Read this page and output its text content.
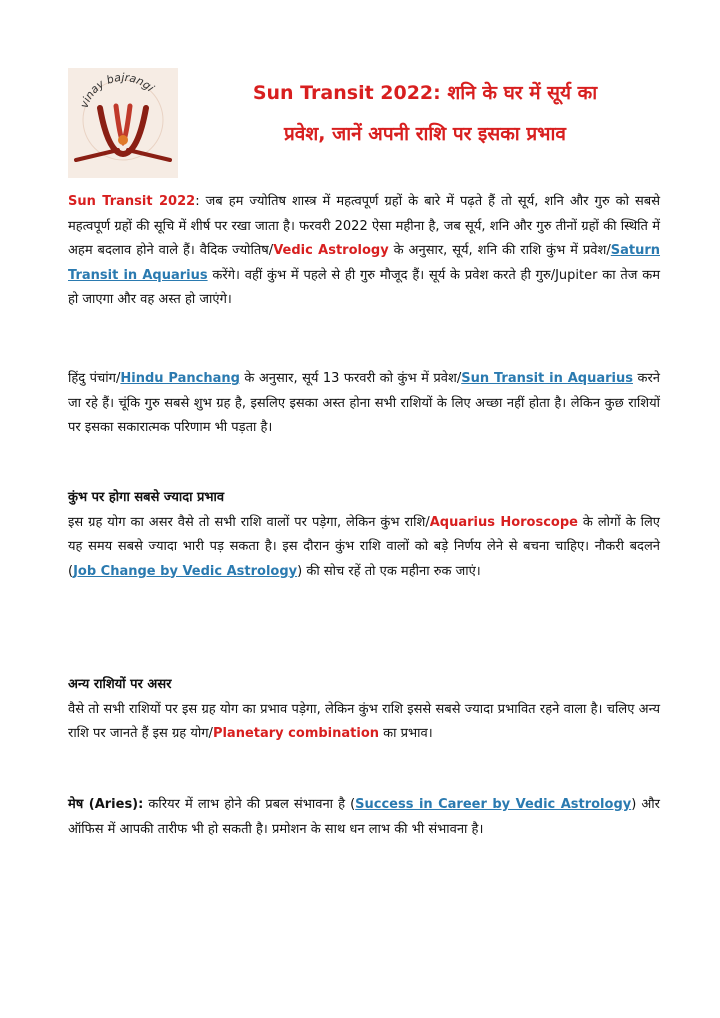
vinay bajrangi	Sun Transit 2022: शनि के घर में सूर्य का
प्रवेश, जानें अपनी राशि पर इसका प्रभाव
Sun Transit 2022: जब हम ज्योतिष शास्त्र में महत्वपूर्ण ग्रहों के बारे में पढ़ते हैं तो सूर्य, शनि और गुरु को सबसे महत्वपूर्ण ग्रहों की सूचि में शीर्ष पर रखा जाता है। फरवरी 2022 ऐसा महीना है, जब सूर्य, शनि और गुरु तीनों ग्रहों की स्थिति में अहम बदलाव होने वाले हैं। वैदिक ज्योतिष/Vedic Astrology के अनुसार, सूर्य, शनि की राशि कुंभ में प्रवेश/Saturn Transit in Aquarius करेंगे। वहीं कुंभ में पहले से ही गुरु मौजूद हैं। सूर्य के प्रवेश करते ही गुरु/Jupiter का तेज कम हो जाएगा और वह अस्त हो जाएंगे।
हिंदु पंचांग/Hindu Panchang के अनुसार, सूर्य 13 फरवरी को कुंभ में प्रवेश/Sun Transit in Aquarius करने जा रहे हैं। चूंकि गुरु सबसे शुभ ग्रह है, इसलिए इसका अस्त होना सभी राशियों के लिए अच्छा नहीं होता है। लेकिन कुछ राशियों पर इसका सकारात्मक परिणाम भी पड़ता है।
कुंभ पर होगा सबसे ज्यादा प्रभाव
इस ग्रह योग का असर वैसे तो सभी राशि वालों पर पड़ेगा, लेकिन कुंभ राशि/Aquarius Horoscope के लोगों के लिए यह समय सबसे ज्यादा भारी पड़ सकता है। इस दौरान कुंभ राशि वालों को बड़े निर्णय लेने से बचना चाहिए। नौकरी बदलने (Job Change by Vedic Astrology) की सोच रहें तो एक महीना रुक जाएं।
अन्य राशियों पर असर
वैसे तो सभी राशियों पर इस ग्रह योग का प्रभाव पड़ेगा, लेकिन कुंभ राशि इससे सबसे ज्यादा प्रभावित रहने वाला है। चलिए अन्य राशि पर जानते हैं इस ग्रह योग/Planetary combination का प्रभाव।
मेष (Aries): करियर में लाभ होने की प्रबल संभावना है (Success in Career by Vedic Astrology) और ऑफिस में आपकी तारीफ भी हो सकती है। प्रमोशन के साथ धन लाभ की भी संभावना है।
